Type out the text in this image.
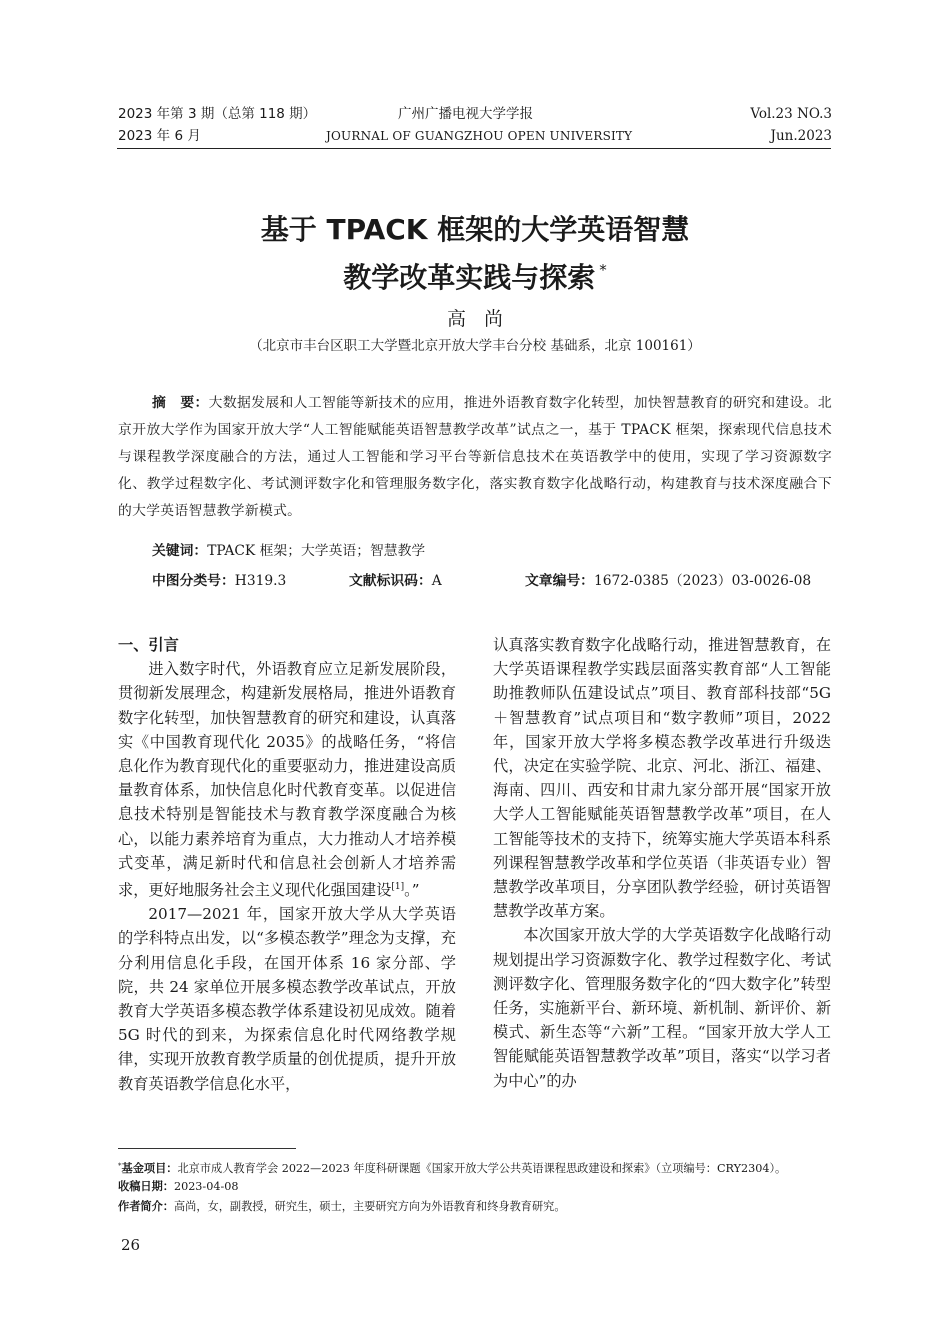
2023 年第 3 期（总第 118 期）
2023 年 6 月
广州广播电视大学学报
JOURNAL OF GUANGZHOU OPEN UNIVERSITY
Vol.23 NO.3
Jun.2023
基于 TPACK 框架的大学英语智慧
教学改革实践与探索 *
高尚
（北京市丰台区职工大学暨北京开放大学丰台分校 基础系，北京 100161）
摘　要：大数据发展和人工智能等新技术的应用，推进外语教育数字化转型，加快智慧教育的研究和建设。北京开放大学作为国家开放大学“人工智能赋能英语智慧教学改革”试点之一，基于 TPACK 框架，探索现代信息技术与课程教学深度融合的方法，通过人工智能和学习平台等新信息技术在英语教学中的使用，实现了学习资源数字化、教学过程数字化、考试测评数字化和管理服务数字化，落实教育数字化战略行动，构建教育与技术深度融合下的大学英语智慧教学新模式。
关键词：TPACK 框架；大学英语；智慧教学
中图分类号：H319.3	文献标识码：A	文章编号：1672-0385（2023）03-0026-08

一、引言

进入数字时代，外语教育应立足新发展阶段，贯彻新发展理念，构建新发展格局，推进外语教育数字化转型，加快智慧教育的研究和建设，认真落实《中国教育现代化 2035》的战略任务，“将信息化作为教育现代化的重要驱动力，推进建设高质量教育体系，加快信息化时代教育变革。以促进信息技术特别是智能技术与教育教学深度融合为核心，以能力素养培育为重点，大力推动人才培养模式变革，满足新时代和信息社会创新人才培养需求，更好地服务社会主义现代化强国建设[1]。”

2017—2021 年，国家开放大学从大学英语的学科特点出发，以“多模态教学”理念为支撑，充分利用信息化手段，在国开体系 16 家分部、学院，共 24 家单位开展多模态教学改革试点，开放教育大学英语多模态教学体系建设初见成效。随着 5G 时代的到来，为探索信息化时代网络教学规律，实现开放教育教学质量的创优提质，提升开放教育英语教学信息化水平，

认真落实教育数字化战略行动，推进智慧教育，在大学英语课程教学实践层面落实教育部“人工智能助推教师队伍建设试点”项目、教育部科技部“5G＋智慧教育”试点项目和“数字教师”项目，2022 年，国家开放大学将多模态教学改革进行升级迭代，决定在实验学院、北京、河北、浙江、福建、海南、四川、西安和甘肃九家分部开展“国家开放大学人工智能赋能英语智慧教学改革”项目，在人工智能等技术的支持下，统筹实施大学英语本科系列课程智慧教学改革和学位英语（非英语专业）智慧教学改革项目，分享团队教学经验，研讨英语智慧教学改革方案。

本次国家开放大学的大学英语数字化战略行动规划提出学习资源数字化、教学过程数字化、考试测评数字化、管理服务数字化的“四大数字化”转型任务，实施新平台、新环境、新机制、新评价、新模式、新生态等“六新”工程。“国家开放大学人工智能赋能英语智慧教学改革”项目，落实“以学习者为中心”的办

*基金项目：北京市成人教育学会 2022—2023 年度科研课题《国家开放大学公共英语课程思政建设和探索》（立项编号：CRY2304）。
收稿日期：2023-04-08
作者简介：高尚，女，副教授，研究生，硕士，主要研究方向为外语教育和终身教育研究。
26
